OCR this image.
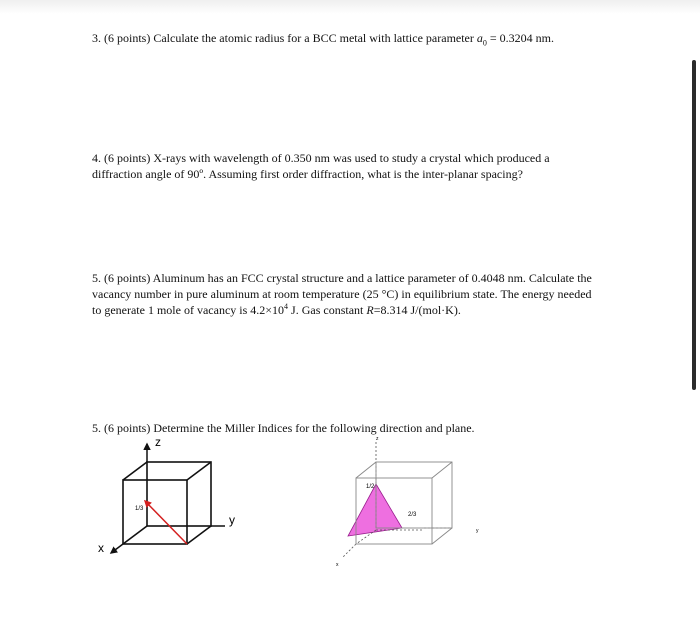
3. (6 points) Calculate the atomic radius for a BCC metal with lattice parameter $a_0 = 0.3204$ nm.

4. (6 points) X-rays with wavelength of 0.350 nm was used to study a crystal which produced a

diffraction angle of 90º. Assuming first order diffraction, what is the inter-planar spacing?

5. (6 points) Aluminum has an FCC crystal structure and a lattice parameter of 0.4048 nm. Calculate the

vacancy number in pure aluminum at room temperature (25 °C) in equilibrium state. The energy needed

to generate 1 mole of vacancy is $4.2\times 10^4$ J. Gas constant R=8.314 J/(mol·K).

5. (6 points) Determine the Miller Indices for the following direction and plane.

z
y
x
1/3
z
y
x
1/2
2/3
